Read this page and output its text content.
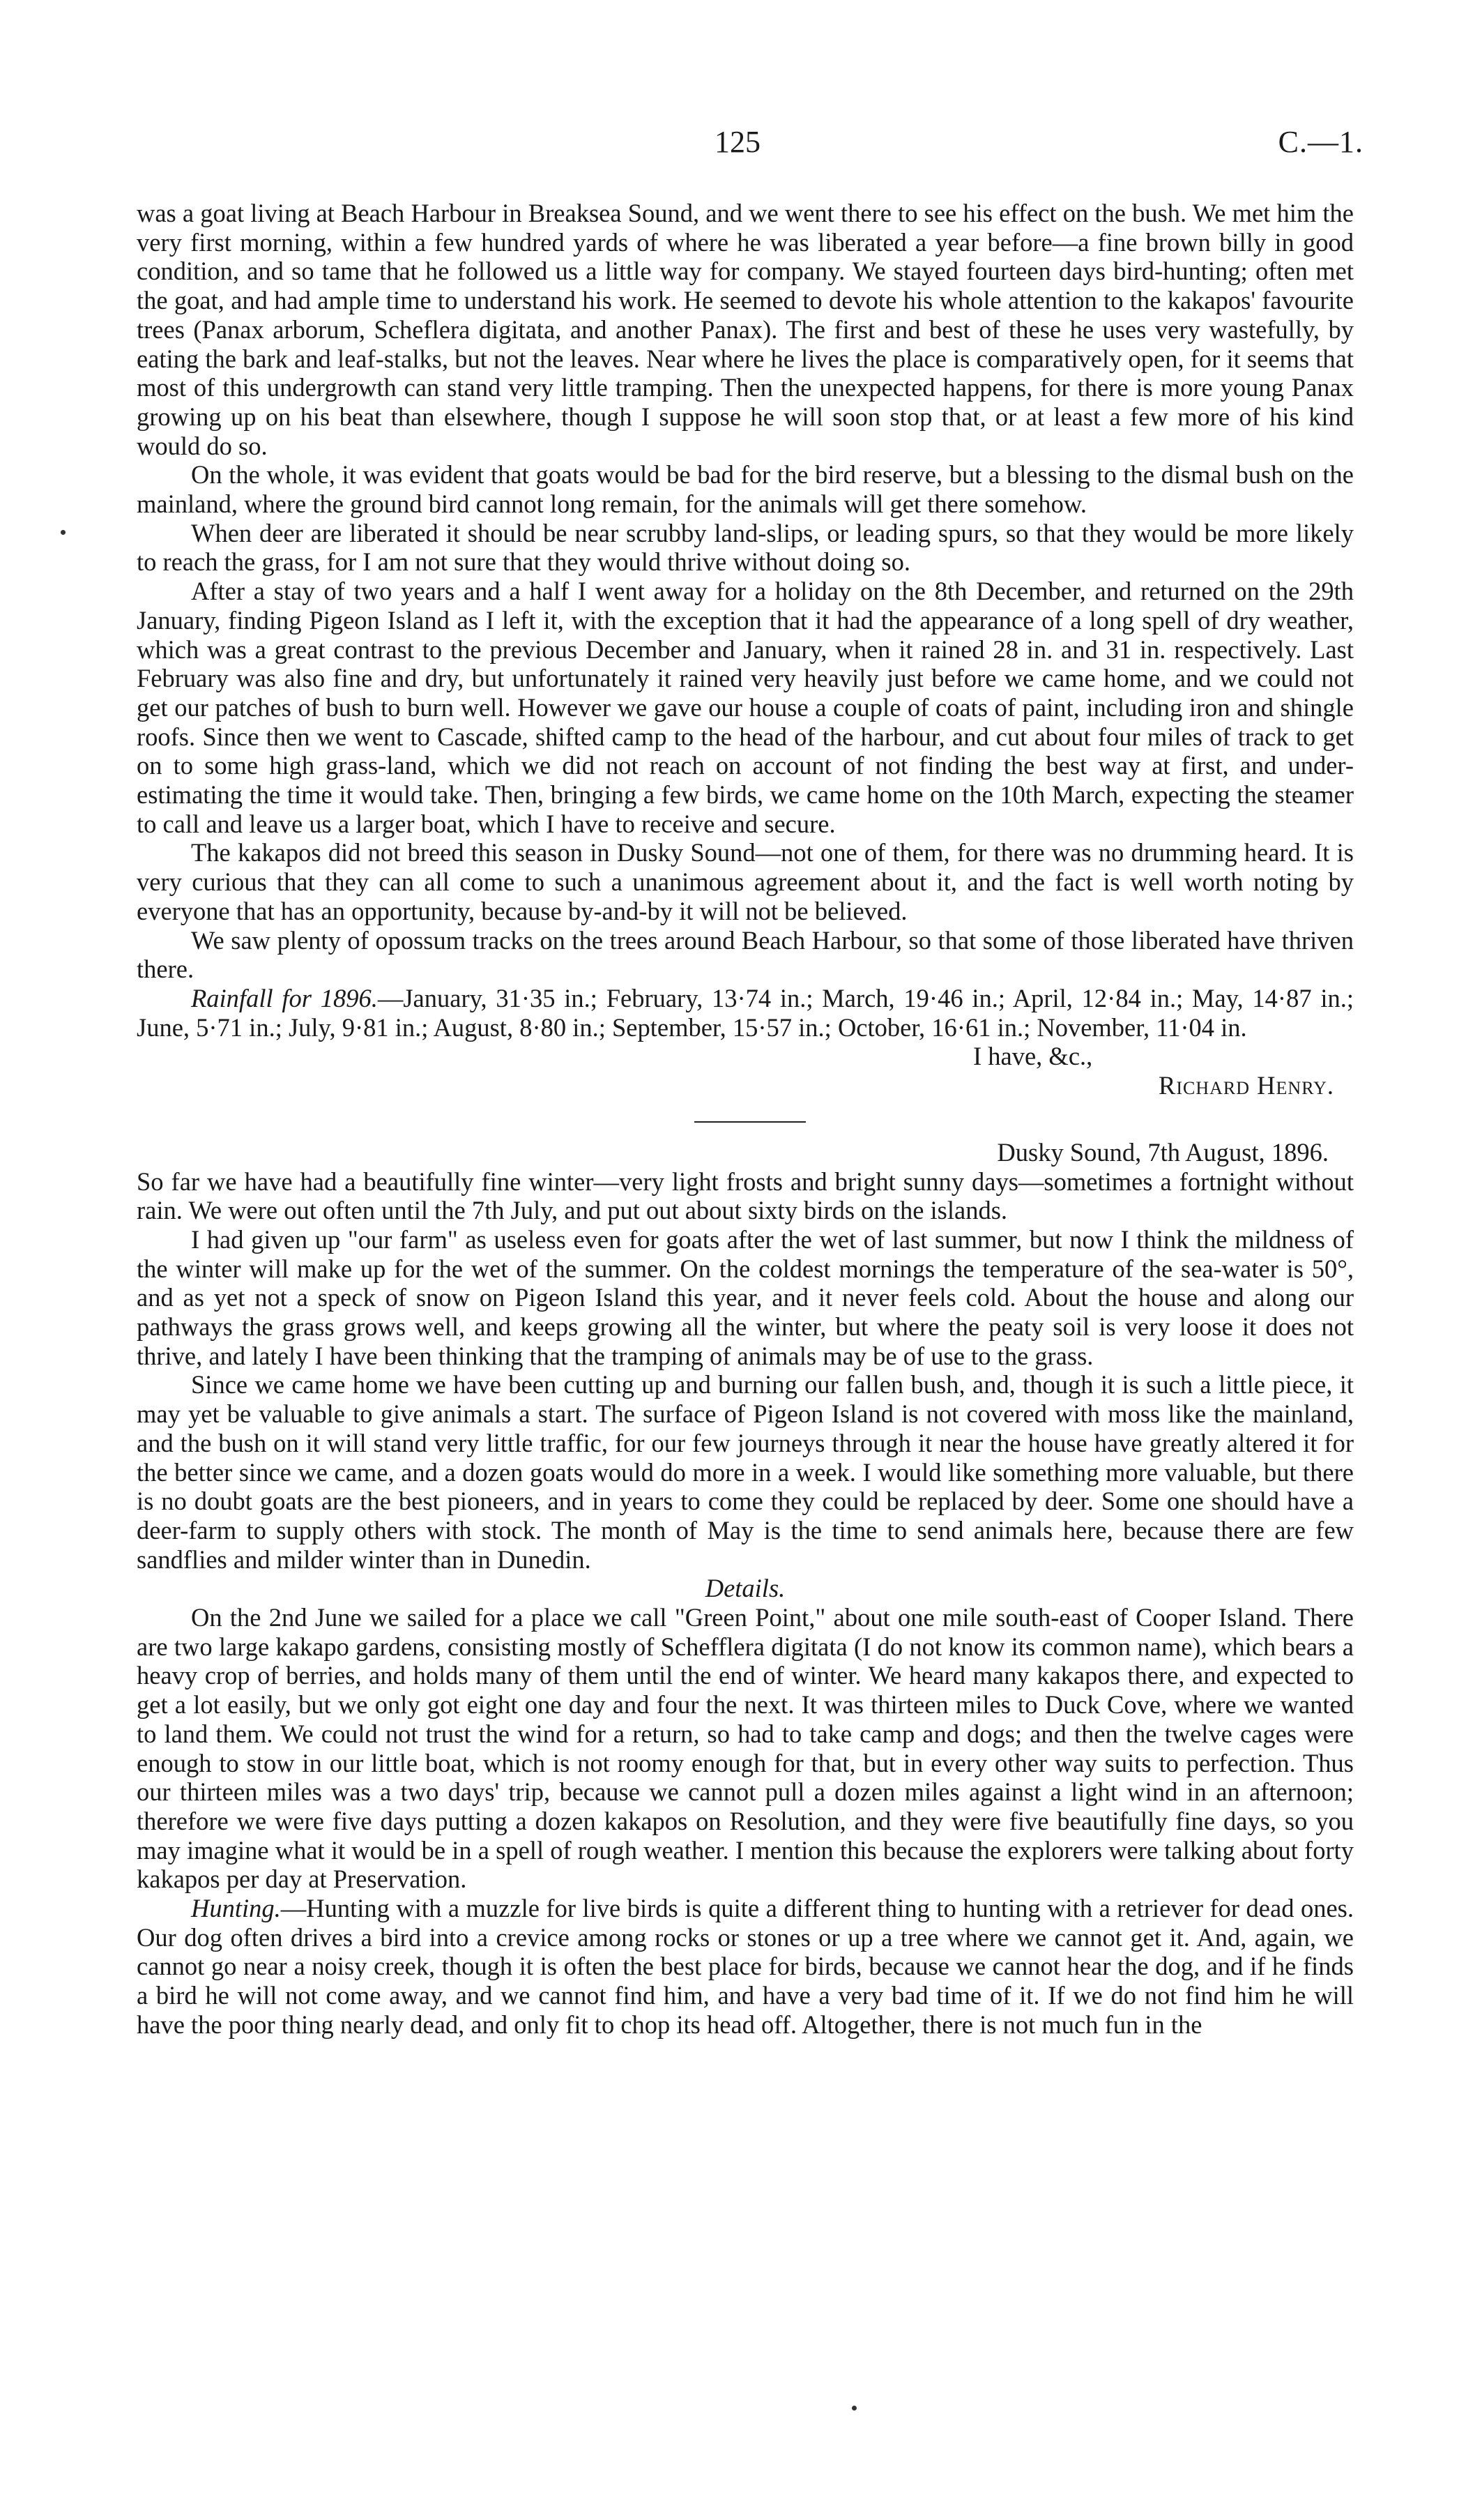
125	C.—1.

was a goat living at Beach Harbour in Breaksea Sound, and we went there to see his effect on the bush. We met him the very first morning, within a few hundred yards of where he was liberated a year before—a fine brown billy in good condition, and so tame that he followed us a little way for company. We stayed fourteen days bird-hunting; often met the goat, and had ample time to understand his work. He seemed to devote his whole attention to the kakapos' favourite trees (Panax arborum, Scheflera digitata, and another Panax). The first and best of these he uses very wastefully, by eating the bark and leaf-stalks, but not the leaves. Near where he lives the place is comparatively open, for it seems that most of this undergrowth can stand very little tramping. Then the unexpected happens, for there is more young Panax growing up on his beat than elsewhere, though I suppose he will soon stop that, or at least a few more of his kind would do so.

On the whole, it was evident that goats would be bad for the bird reserve, but a blessing to the dismal bush on the mainland, where the ground bird cannot long remain, for the animals will get there somehow.

When deer are liberated it should be near scrubby land-slips, or leading spurs, so that they would be more likely to reach the grass, for I am not sure that they would thrive without doing so.

After a stay of two years and a half I went away for a holiday on the 8th December, and returned on the 29th January, finding Pigeon Island as I left it, with the exception that it had the appearance of a long spell of dry weather, which was a great contrast to the previous December and January, when it rained 28 in. and 31 in. respectively. Last February was also fine and dry, but unfortunately it rained very heavily just before we came home, and we could not get our patches of bush to burn well. However we gave our house a couple of coats of paint, including iron and shingle roofs. Since then we went to Cascade, shifted camp to the head of the harbour, and cut about four miles of track to get on to some high grass-land, which we did not reach on account of not finding the best way at first, and under-estimating the time it would take. Then, bringing a few birds, we came home on the 10th March, expecting the steamer to call and leave us a larger boat, which I have to receive and secure.

The kakapos did not breed this season in Dusky Sound—not one of them, for there was no drumming heard. It is very curious that they can all come to such a unanimous agreement about it, and the fact is well worth noting by everyone that has an opportunity, because by-and-by it will not be believed.

We saw plenty of opossum tracks on the trees around Beach Harbour, so that some of those liberated have thriven there.

Rainfall for 1896.—January, 31·35 in.; February, 13·74 in.; March, 19·46 in.; April, 12·84 in.; May, 14·87 in.; June, 5·71 in.; July, 9·81 in.; August, 8·80 in.; September, 15·57 in.; October, 16·61 in.; November, 11·04 in.

I have, &c.,

Richard Henry.

Dusky Sound, 7th August, 1896.

So far we have had a beautifully fine winter—very light frosts and bright sunny days—sometimes a fortnight without rain. We were out often until the 7th July, and put out about sixty birds on the islands.

I had given up "our farm" as useless even for goats after the wet of last summer, but now I think the mildness of the winter will make up for the wet of the summer. On the coldest mornings the temperature of the sea-water is 50°, and as yet not a speck of snow on Pigeon Island this year, and it never feels cold. About the house and along our pathways the grass grows well, and keeps growing all the winter, but where the peaty soil is very loose it does not thrive, and lately I have been thinking that the tramping of animals may be of use to the grass.

Since we came home we have been cutting up and burning our fallen bush, and, though it is such a little piece, it may yet be valuable to give animals a start. The surface of Pigeon Island is not covered with moss like the mainland, and the bush on it will stand very little traffic, for our few journeys through it near the house have greatly altered it for the better since we came, and a dozen goats would do more in a week. I would like something more valuable, but there is no doubt goats are the best pioneers, and in years to come they could be replaced by deer. Some one should have a deer-farm to supply others with stock. The month of May is the time to send animals here, because there are few sandflies and milder winter than in Dunedin.

Details.

On the 2nd June we sailed for a place we call "Green Point," about one mile south-east of Cooper Island. There are two large kakapo gardens, consisting mostly of Schefflera digitata (I do not know its common name), which bears a heavy crop of berries, and holds many of them until the end of winter. We heard many kakapos there, and expected to get a lot easily, but we only got eight one day and four the next. It was thirteen miles to Duck Cove, where we wanted to land them. We could not trust the wind for a return, so had to take camp and dogs; and then the twelve cages were enough to stow in our little boat, which is not roomy enough for that, but in every other way suits to perfection. Thus our thirteen miles was a two days' trip, because we cannot pull a dozen miles against a light wind in an afternoon; therefore we were five days putting a dozen kakapos on Resolution, and they were five beautifully fine days, so you may imagine what it would be in a spell of rough weather. I mention this because the explorers were talking about forty kakapos per day at Preservation.

Hunting.—Hunting with a muzzle for live birds is quite a different thing to hunting with a retriever for dead ones. Our dog often drives a bird into a crevice among rocks or stones or up a tree where we cannot get it. And, again, we cannot go near a noisy creek, though it is often the best place for birds, because we cannot hear the dog, and if he finds a bird he will not come away, and we cannot find him, and have a very bad time of it. If we do not find him he will have the poor thing nearly dead, and only fit to chop its head off. Altogether, there is not much fun in the
